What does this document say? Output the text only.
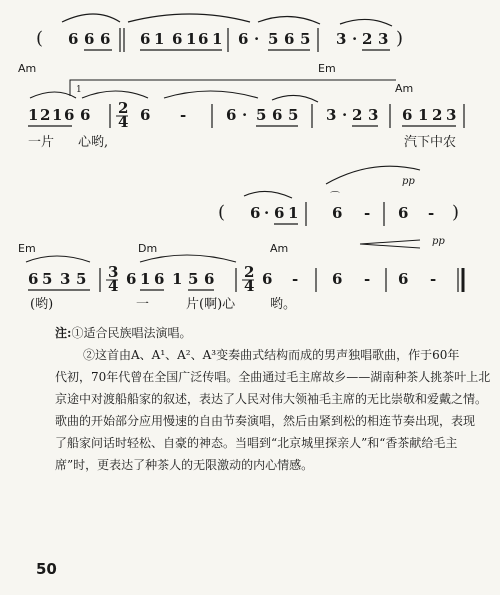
( 6 6 6 6 1 6 1 6 1 6 · 5 6 5 3 · 2 3 )
Am	Em
Am
1
1 2 1 6 6 2
4 6 -	6 · 5 6 5 3 · 2 3 6 1 2 3
一片 心哟,	汽下中农
( 6 · 6 1 6 - 6 - )
pp
⌒
Em	Dm	Am
pp
6 5 3 5 3
4 6 1 6 1 5 6 2
4 6 - 6 - 6 -
(哟)	一	片(啊)心	哟。
注:①适合民族唱法演唱。
②这首由A、A¹、A²、A³变奏曲式结构而成的男声独唱歌曲，作于60年
代初，70年代曾在全国广泛传唱。全曲通过毛主席故乡——湖南种茶人挑茶叶上北
京途中对渡船船家的叙述，表达了人民对伟大领袖毛主席的无比崇敬和爱戴之情。
歌曲的开始部分应用慢速的自由节奏演唱，然后由紧到松的相连节奏出现，表现
了船家问话时轻松、自豪的神态。当唱到“北京城里探亲人”和“香茶献给毛主
席”时，更表达了种茶人的无限激动的内心情感。
50
